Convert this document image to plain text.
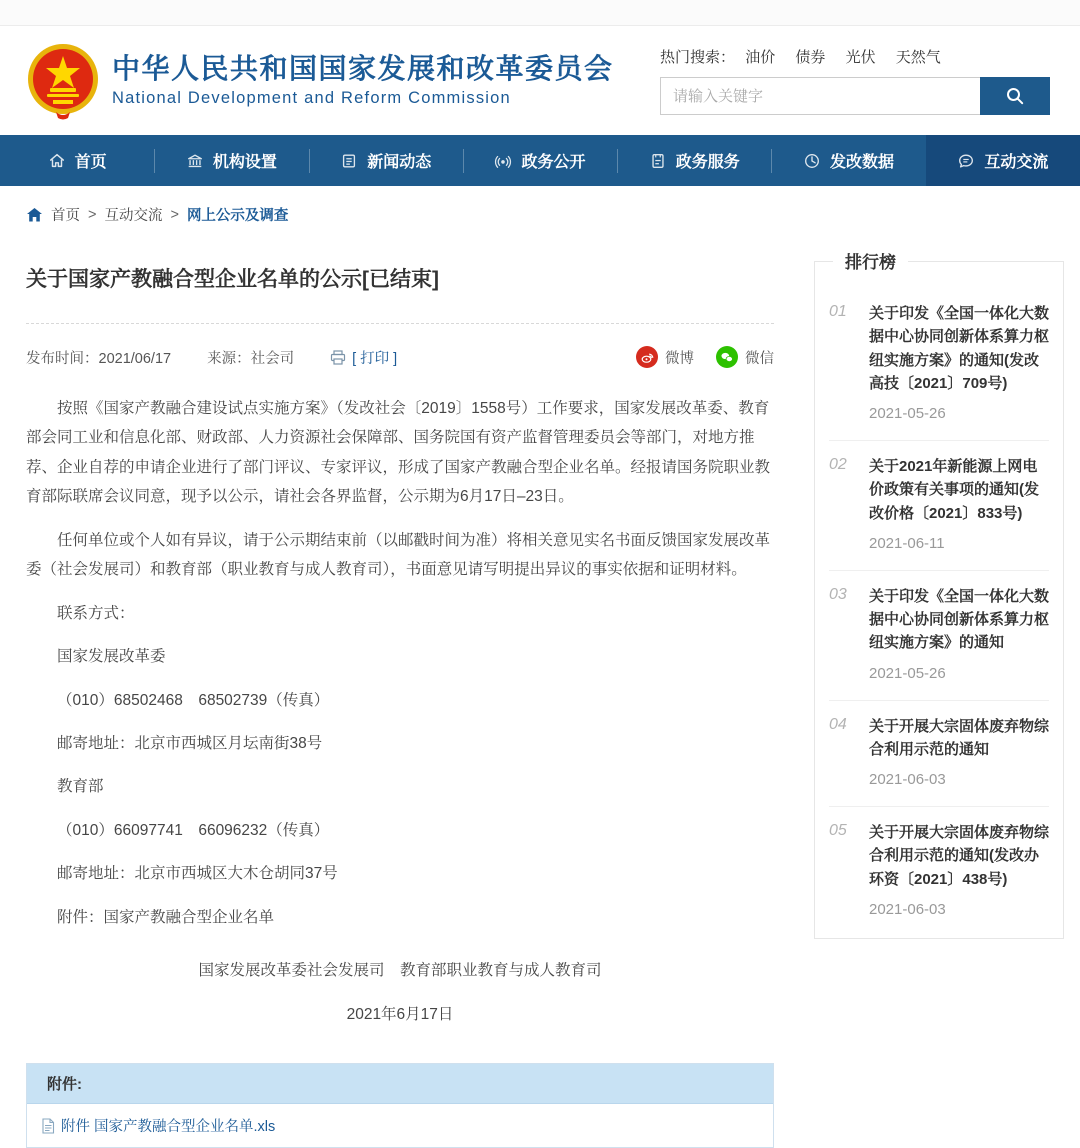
中华人民共和国国家发展和改革委员会
National Development and Reform Commission
热门搜索： 油价 债券 光伏 天然气
请输入关键字
首页	机构设置	新闻动态	政务公开	政务服务	发改数据	互动交流
首页 > 互动交流 > 网上公示及调查
关于国家产教融合型企业名单的公示[已结束]
发布时间：2021/06/17 来源：社会司	[ 打印 ]	微博	微信

按照《国家产教融合建设试点实施方案》（发改社会〔2019〕1558号）工作要求，国家发展改革委、教育部会同工业和信息化部、财政部、人力资源社会保障部、国务院国有资产监督管理委员会等部门，对地方推荐、企业自荐的申请企业进行了部门评议、专家评议，形成了国家产教融合型企业名单。经报请国务院职业教育部际联席会议同意，现予以公示，请社会各界监督，公示期为6月17日–23日。

任何单位或个人如有异议，请于公示期结束前（以邮戳时间为准）将相关意见实名书面反馈国家发展改革委（社会发展司）和教育部（职业教育与成人教育司），书面意见请写明提出异议的事实依据和证明材料。

联系方式：

国家发展改革委

（010）68502468　68502739（传真）

邮寄地址：北京市西城区月坛南街38号

教育部

（010）66097741　66096232（传真）

邮寄地址：北京市西城区大木仓胡同37号

附件：国家产教融合型企业名单

国家发展改革委社会发展司　教育部职业教育与成人教育司

2021年6月17日

附件:
附件 国家产教融合型企业名单.xls
排行榜
01	关于印发《全国一体化大数据中心协同创新体系算力枢纽实施方案》的通知(发改高技〔2021〕709号)
2021-05-26
02	关于2021年新能源上网电价政策有关事项的通知(发改价格〔2021〕833号)
2021-06-11
03	关于印发《全国一体化大数据中心协同创新体系算力枢纽实施方案》的通知
2021-05-26
04	关于开展大宗固体废弃物综合利用示范的通知
2021-06-03
05	关于开展大宗固体废弃物综合利用示范的通知(发改办环资〔2021〕438号)
2021-06-03
